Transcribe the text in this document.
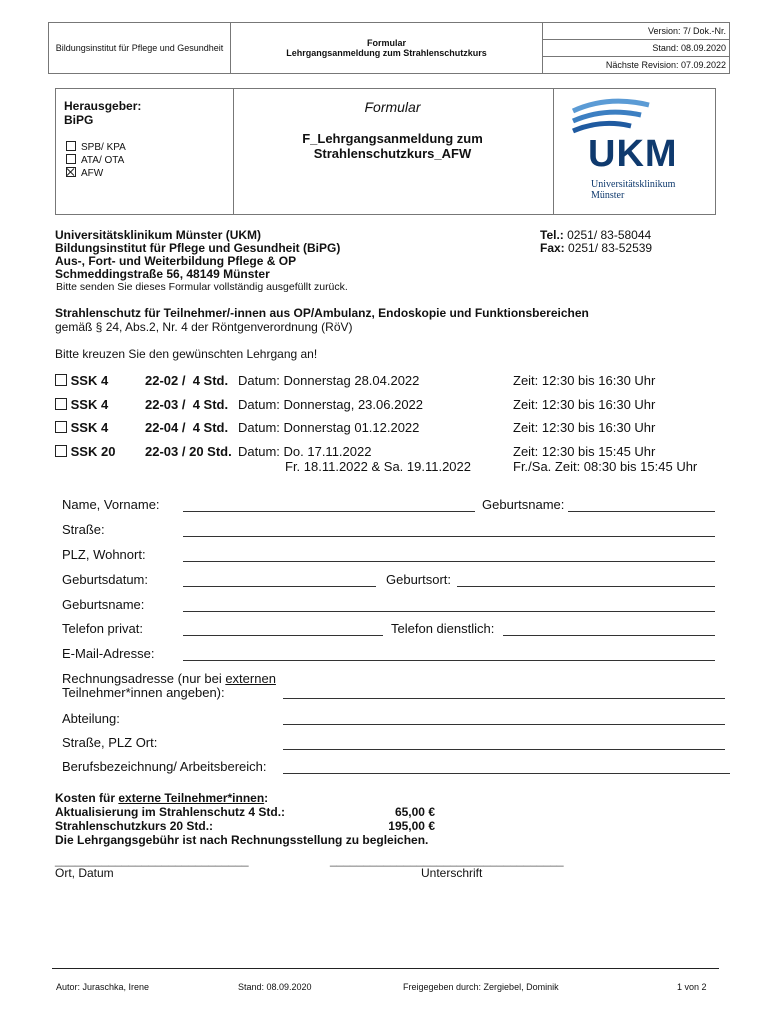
Bildungsinstitut für Pflege und Gesundheit	Formular
Lehrgangsanmeldung zum Strahlenschutzkurs
	Version: 7/ Dok.-Nr.
Stand: 08.09.2020
Nächste Revision: 07.09.2022
Herausgeber:
BiPG
SPB/ KPA
ATA/ OTA
AFW
Formular
F_Lehrgangsanmeldung zum
Strahlenschutzkurs_AFW	UKM
Universitätsklinikum
Münster
Universitätsklinikum Münster (UKM)
Bildungsinstitut für Pflege und Gesundheit (BiPG)
Aus-, Fort- und Weiterbildung Pflege & OP
Schmeddingstraße 56, 48149 Münster
Tel.: 0251/ 83-58044
Fax: 0251/ 83-52539
Bitte senden Sie dieses Formular vollständig ausgefüllt zurück.
Strahlenschutz für Teilnehmer/-innen aus OP/Ambulanz, Endoskopie und Funktionsbereichen
gemäß § 24, Abs.2, Nr. 4 der Röntgenverordnung (RöV)
Bitte kreuzen Sie den gewünschten Lehrgang an!
SSK 4	22-02 /  4 Std. Datum: Donnerstag 28.04.2022	Zeit: 12:30 bis 16:30 Uhr
SSK 4	22-03 /  4 Std. Datum: Donnerstag, 23.06.2022	Zeit: 12:30 bis 16:30 Uhr
SSK 4	22-04 /  4 Std. Datum: Donnerstag 01.12.2022	Zeit: 12:30 bis 16:30 Uhr
SSK 20 22-03 / 20 Std. Datum: Do. 17.11.2022
Fr. 18.11.2022 & Sa. 19.11.2022
Zeit: 12:30 bis 15:45 Uhr
Fr./Sa. Zeit: 08:30 bis 15:45 Uhr
Name, Vorname:	Geburtsname:
Straße:
PLZ, Wohnort:
Geburtsdatum:	Geburtsort:
Geburtsname:
Telefon privat:	Telefon dienstlich:
E-Mail-Adresse:
Rechnungsadresse (nur bei externen
Teilnehmer*innen angeben):
Abteilung:
Straße, PLZ Ort:
Berufsbezeichnung/ Arbeitsbereich:
Kosten für externe Teilnehmer*innen:
Aktualisierung im Strahlenschutz 4 Std.:	65,00 €
Strahlenschutzkurs 20 Std.:	195,00 €
Die Lehrgangsgebühr ist nach Rechnungsstellung zu begleichen.
_____________________________	___________________________________
Ort, Datum	Unterschrift
Autor: Juraschka, Irene	Stand: 08.09.2020	Freigegeben durch: Zergiebel, Dominik	1 von 2
